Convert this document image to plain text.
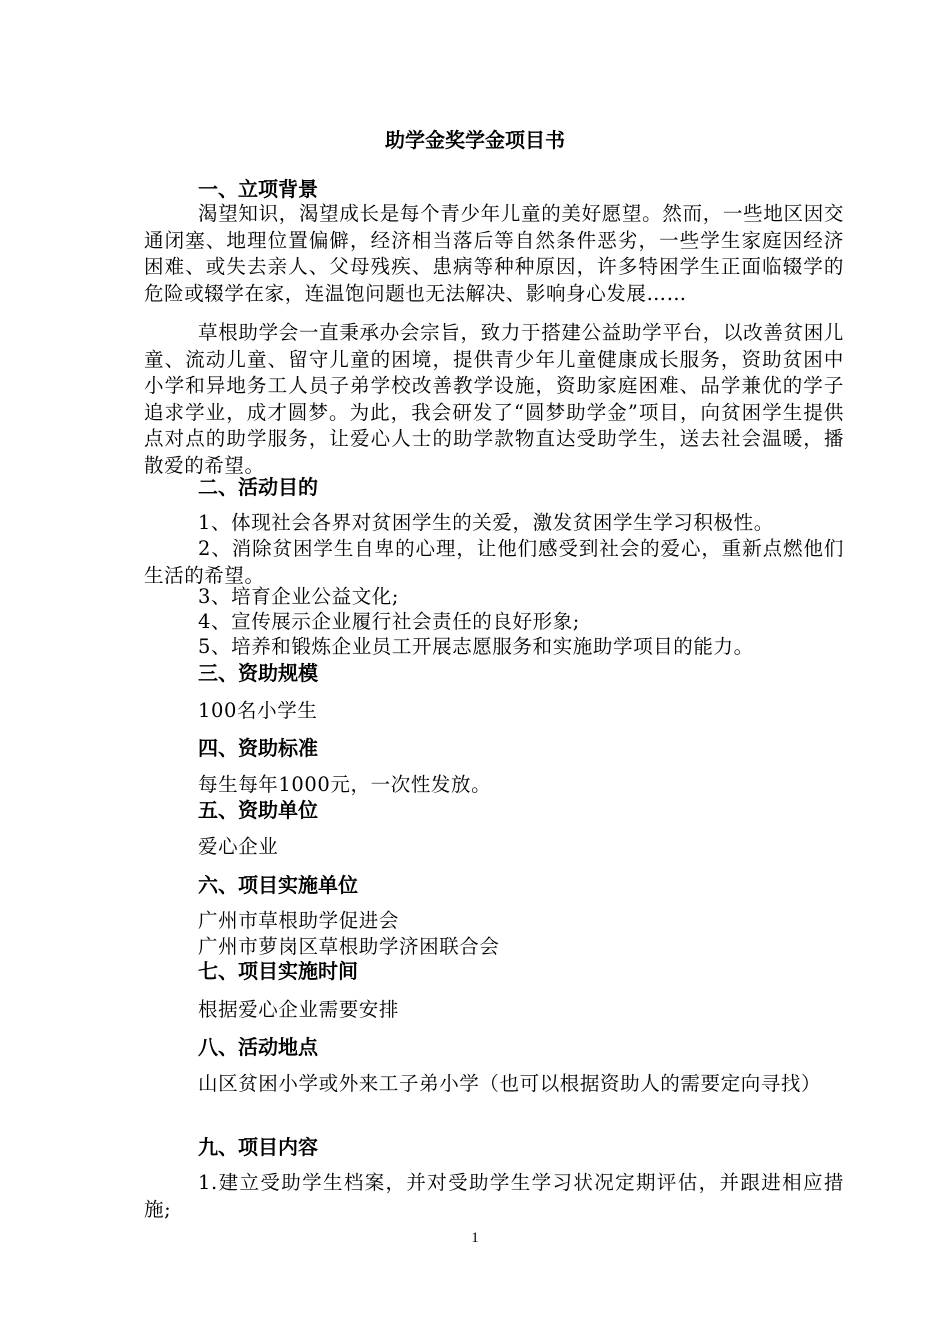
助学金奖学金项目书
一、立项背景
渴望知识，渴望成长是每个青少年儿童的美好愿望。然而，一些地区因交通闭塞、地理位置偏僻，经济相当落后等自然条件恶劣，一些学生家庭因经济困难、或失去亲人、父母残疾、患病等种种原因，许多特困学生正面临辍学的危险或辍学在家，连温饱问题也无法解决、影响身心发展……
草根助学会一直秉承办会宗旨，致力于搭建公益助学平台，以改善贫困儿童、流动儿童、留守儿童的困境，提供青少年儿童健康成长服务，资助贫困中小学和异地务工人员子弟学校改善教学设施，资助家庭困难、品学兼优的学子追求学业，成才圆梦。为此，我会研发了“圆梦助学金”项目，向贫困学生提供点对点的助学服务，让爱心人士的助学款物直达受助学生，送去社会温暖，播散爱的希望。
二、活动目的
1、体现社会各界对贫困学生的关爱，激发贫困学生学习积极性。
2、消除贫困学生自卑的心理，让他们感受到社会的爱心，重新点燃他们生活的希望。
3、培育企业公益文化;
4、宣传展示企业履行社会责任的良好形象;
5、培养和锻炼企业员工开展志愿服务和实施助学项目的能力。
三、资助规模
100名小学生
四、资助标准
每生每年1000元，一次性发放。
五、资助单位
爱心企业
六、项目实施单位
广州市草根助学促进会
广州市萝岗区草根助学济困联合会
七、项目实施时间
根据爱心企业需要安排
八、活动地点
山区贫困小学或外来工子弟小学（也可以根据资助人的需要定向寻找）
九、项目内容
1.建立受助学生档案，并对受助学生学习状况定期评估，并跟进相应措施;
1
